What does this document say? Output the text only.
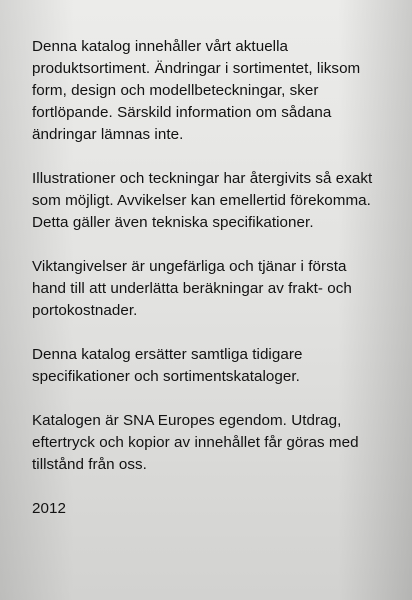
Denna katalog innehåller vårt aktuella produktsortiment. Ändringar i sortimentet, liksom form, design och modellbeteckningar, sker fortlöpande. Särskild information om sådana ändringar lämnas inte.

Illustrationer och teckningar har återgivits så exakt som möjligt. Avvikelser kan emellertid förekomma. Detta gäller även tekniska specifikationer.

Viktangivelser är ungefärliga och tjänar i första hand till att underlätta beräkningar av frakt- och portokostnader.

Denna katalog ersätter samtliga tidigare specifikationer och sortimentskataloger.

Katalogen är SNA Europes egendom. Utdrag, eftertryck och kopior av innehållet får göras med tillstånd från oss.

2012
